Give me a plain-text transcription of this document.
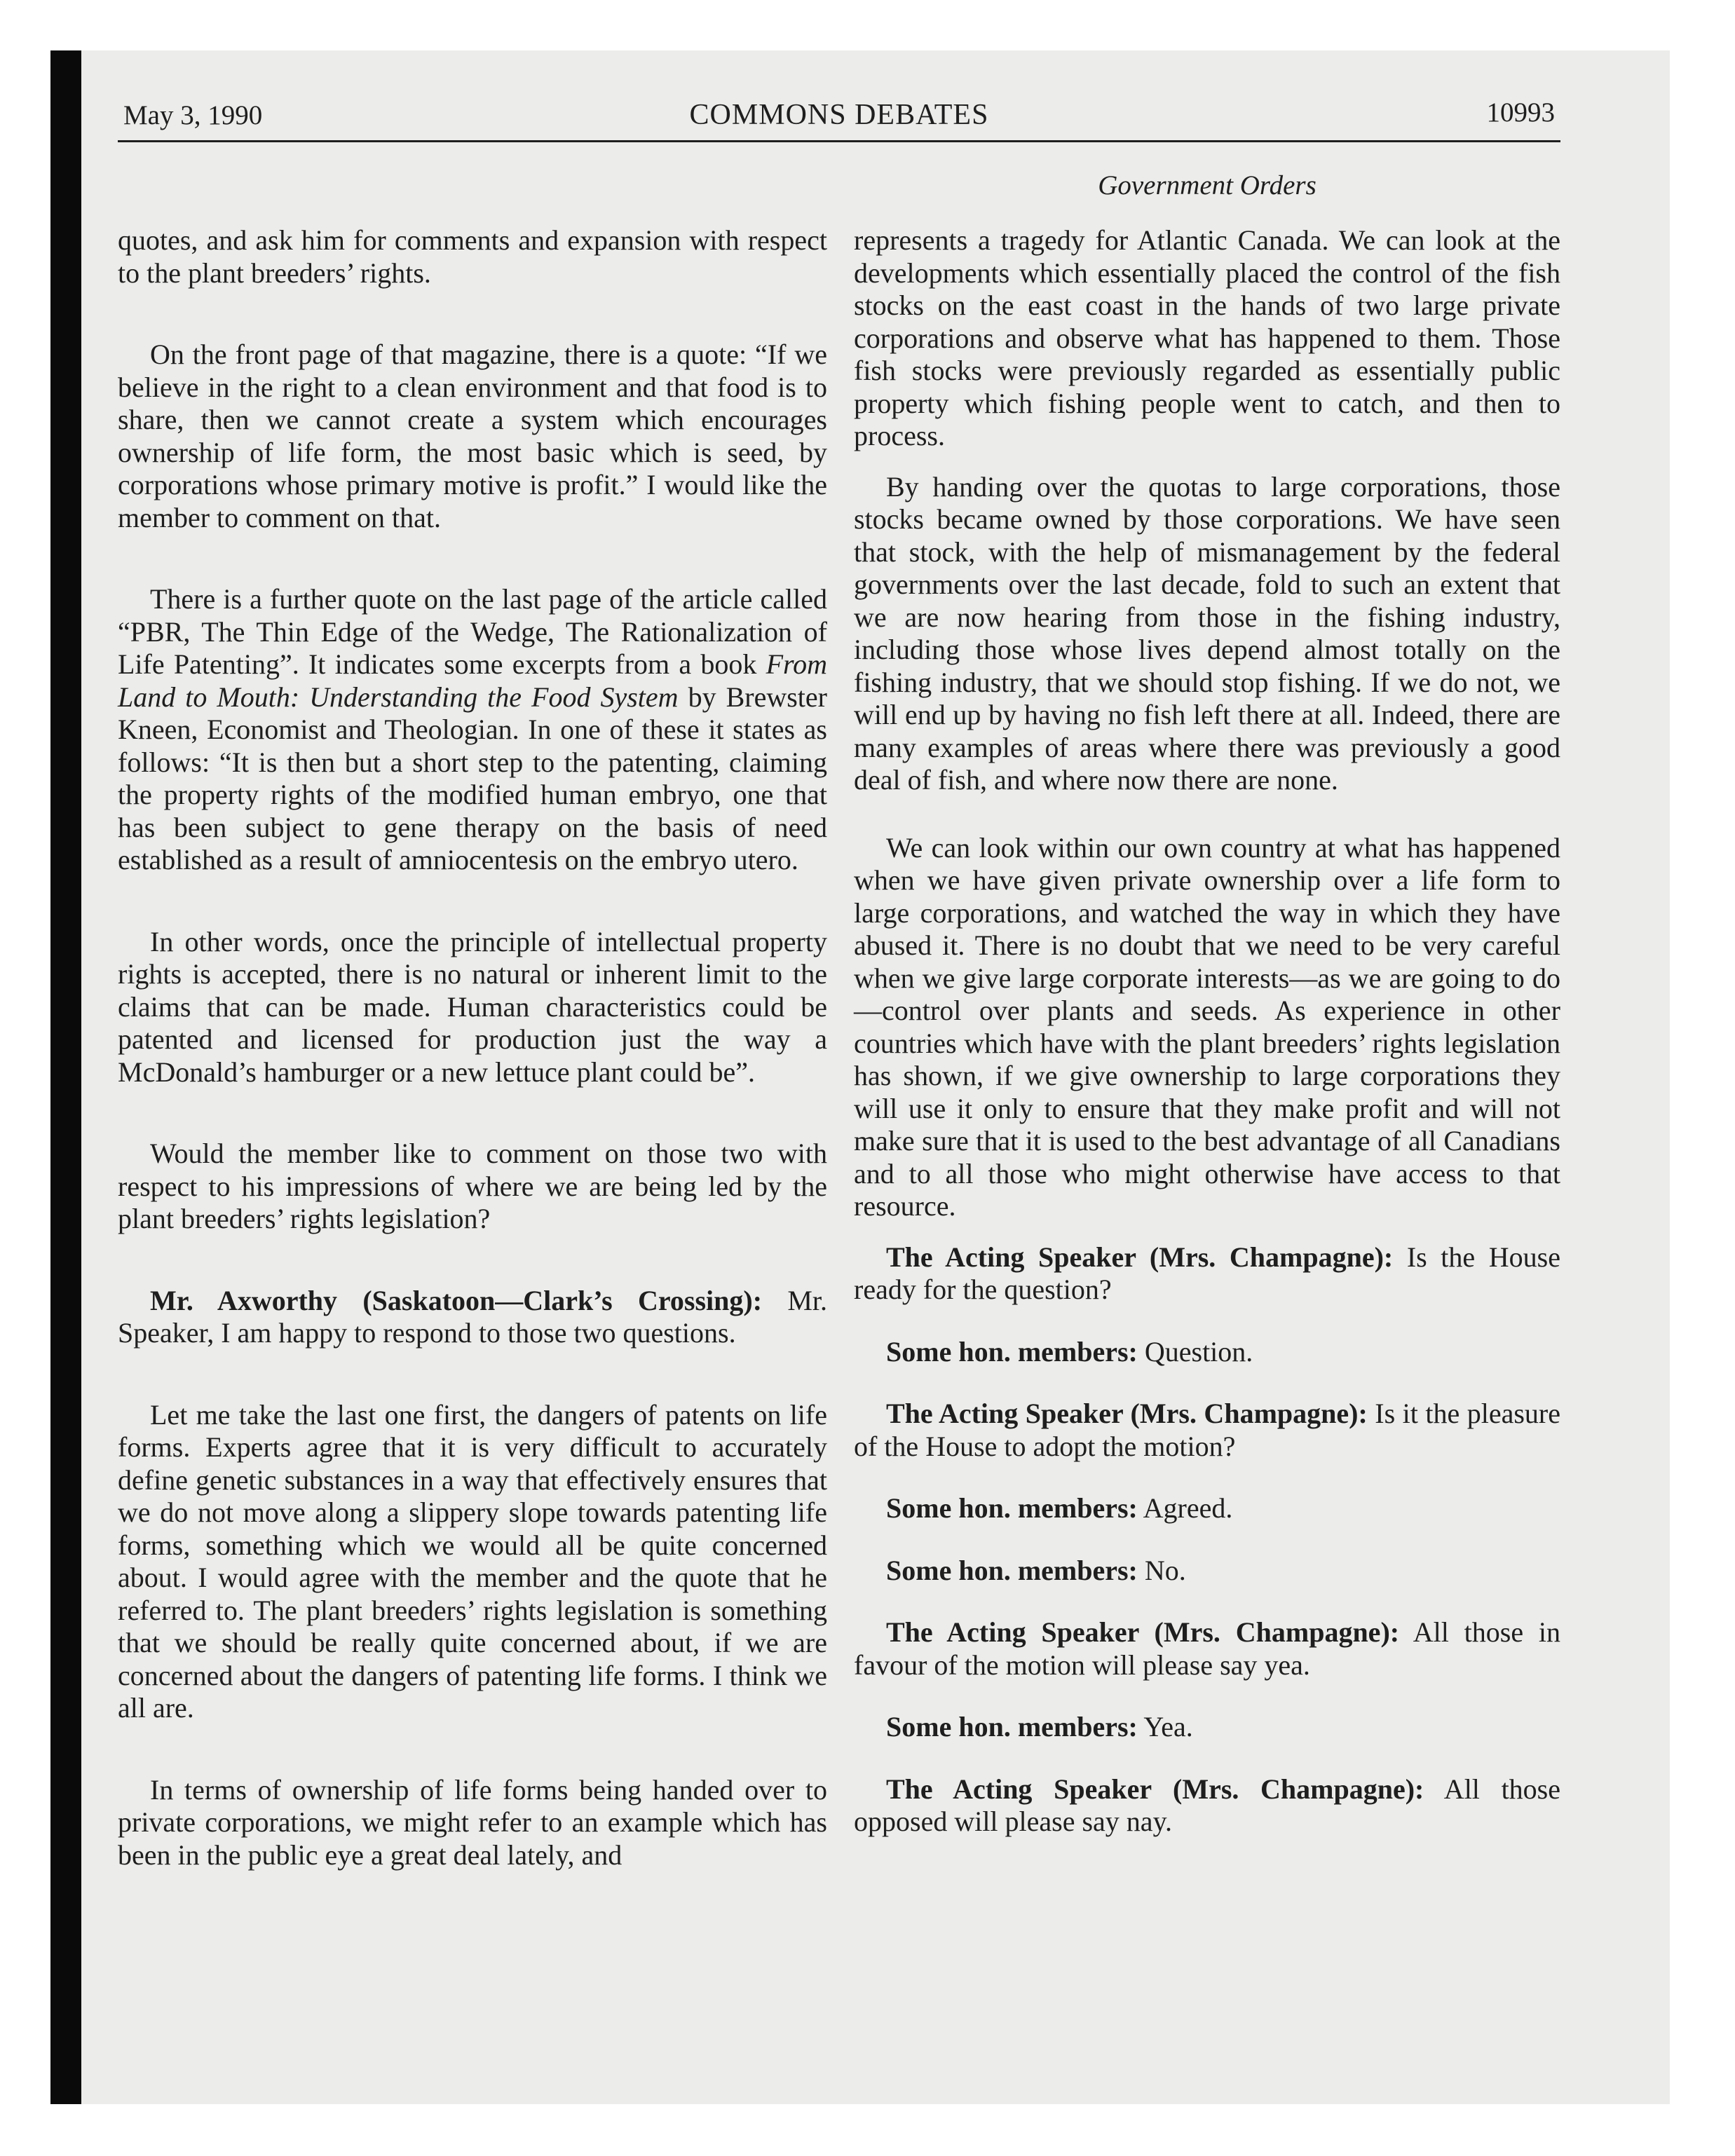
May 3, 1990	COMMONS DEBATES	10993
Government Orders

quotes, and ask him for comments and expansion with respect to the plant breeders’ rights.

On the front page of that magazine, there is a quote: “If we believe in the right to a clean environment and that food is to share, then we cannot create a system which encourages ownership of life form, the most basic which is seed, by corporations whose primary motive is profit.” I would like the member to comment on that.

There is a further quote on the last page of the article called “PBR, The Thin Edge of the Wedge, The Rationalization of Life Patenting”. It indicates some excerpts from a book From Land to Mouth: Understanding the Food System by Brewster Kneen, Economist and Theologian. In one of these it states as follows: “It is then but a short step to the patenting, claiming the property rights of the modified human embryo, one that has been subject to gene therapy on the basis of need established as a result of amniocentesis on the embryo utero.

In other words, once the principle of intellectual property rights is accepted, there is no natural or inherent limit to the claims that can be made. Human characteristics could be patented and licensed for production just the way a McDonald’s hamburger or a new lettuce plant could be”.

Would the member like to comment on those two with respect to his impressions of where we are being led by the plant breeders’ rights legislation?

Mr. Axworthy (Saskatoon—Clark’s Crossing): Mr. Speaker, I am happy to respond to those two questions.

Let me take the last one first, the dangers of patents on life forms. Experts agree that it is very difficult to accurately define genetic substances in a way that effectively ensures that we do not move along a slippery slope towards patenting life forms, something which we would all be quite concerned about. I would agree with the member and the quote that he referred to. The plant breeders’ rights legislation is something that we should be really quite concerned about, if we are concerned about the dangers of patenting life forms. I think we all are.

In terms of ownership of life forms being handed over to private corporations, we might refer to an example which has been in the public eye a great deal lately, and

represents a tragedy for Atlantic Canada. We can look at the developments which essentially placed the control of the fish stocks on the east coast in the hands of two large private corporations and observe what has happened to them. Those fish stocks were previously regarded as essentially public property which fishing people went to catch, and then to process.

By handing over the quotas to large corporations, those stocks became owned by those corporations. We have seen that stock, with the help of mismanagement by the federal governments over the last decade, fold to such an extent that we are now hearing from those in the fishing industry, including those whose lives depend almost totally on the fishing industry, that we should stop fishing. If we do not, we will end up by having no fish left there at all. Indeed, there are many examples of areas where there was previously a good deal of fish, and where now there are none.

We can look within our own country at what has happened when we have given private ownership over a life form to large corporations, and watched the way in which they have abused it. There is no doubt that we need to be very careful when we give large corporate interests—as we are going to do—control over plants and seeds. As experience in other countries which have with the plant breeders’ rights legislation has shown, if we give ownership to large corporations they will use it only to ensure that they make profit and will not make sure that it is used to the best advantage of all Canadians and to all those who might otherwise have access to that resource.

The Acting Speaker (Mrs. Champagne): Is the House ready for the question?

Some hon. members: Question.

The Acting Speaker (Mrs. Champagne): Is it the pleasure of the House to adopt the motion?

Some hon. members: Agreed.

Some hon. members: No.

The Acting Speaker (Mrs. Champagne): All those in favour of the motion will please say yea.

Some hon. members: Yea.

The Acting Speaker (Mrs. Champagne): All those opposed will please say nay.
